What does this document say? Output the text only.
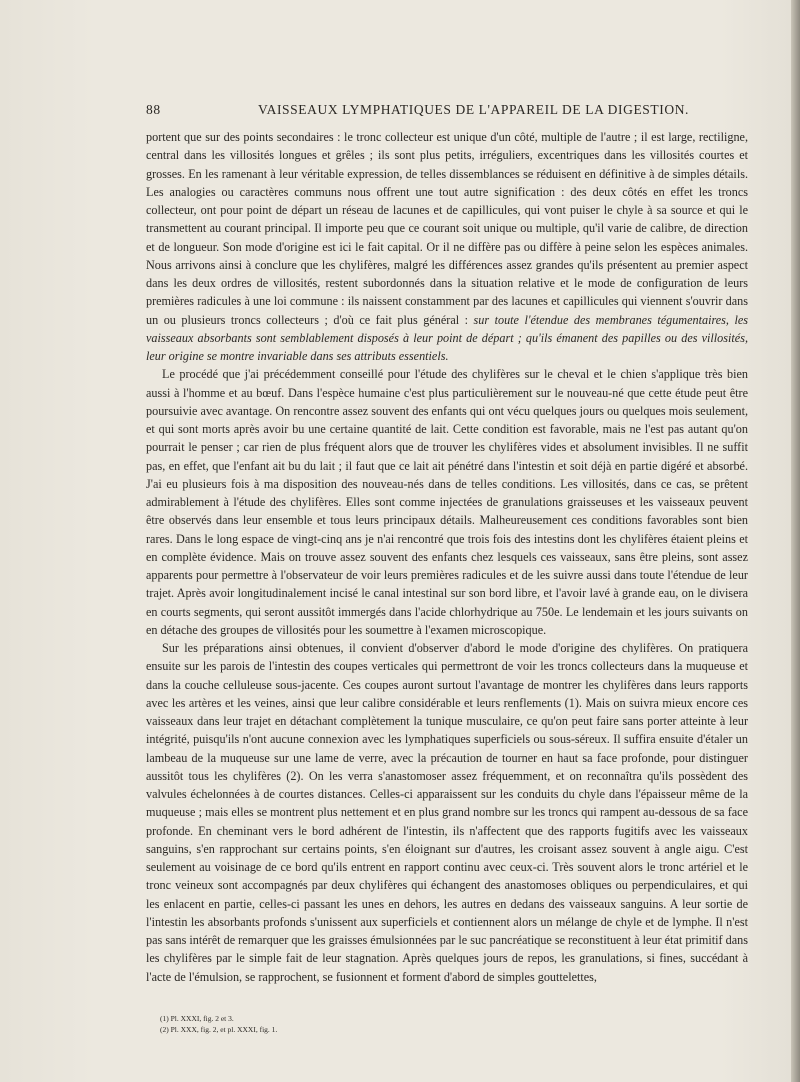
88	VAISSEAUX LYMPHATIQUES DE L'APPAREIL DE LA DIGESTION.

portent que sur des points secondaires : le tronc collecteur est unique d'un côté, multiple de l'autre ; il est large, rectiligne, central dans les villosités longues et grêles ; ils sont plus petits, irréguliers, excentriques dans les villosités courtes et grosses. En les ramenant à leur véritable expression, de telles dissemblances se réduisent en définitive à de simples détails. Les analogies ou caractères communs nous offrent une tout autre signification : des deux côtés en effet les troncs collecteur, ont pour point de départ un réseau de lacunes et de capillicules, qui vont puiser le chyle à sa source et qui le transmettent au courant principal. Il importe peu que ce courant soit unique ou multiple, qu'il varie de calibre, de direction et de longueur. Son mode d'origine est ici le fait capital. Or il ne diffère pas ou diffère à peine selon les espèces animales. Nous arrivons ainsi à conclure que les chylifères, malgré les différences assez grandes qu'ils présentent au premier aspect dans les deux ordres de villosités, restent subordonnés dans la situation relative et le mode de configuration de leurs premières radicules à une loi commune : ils naissent constamment par des lacunes et capillicules qui viennent s'ouvrir dans un ou plusieurs troncs collecteurs ; d'où ce fait plus général : sur toute l'étendue des membranes tégumentaires, les vaisseaux absorbants sont semblablement disposés à leur point de départ ; qu'ils émanent des papilles ou des villosités, leur origine se montre invariable dans ses attributs essentiels.

Le procédé que j'ai précédemment conseillé pour l'étude des chylifères sur le cheval et le chien s'applique très bien aussi à l'homme et au bœuf. Dans l'espèce humaine c'est plus particulièrement sur le nouveau-né que cette étude peut être poursuivie avec avantage. On rencontre assez souvent des enfants qui ont vécu quelques jours ou quelques mois seulement, et qui sont morts après avoir bu une certaine quantité de lait. Cette condition est favorable, mais ne l'est pas autant qu'on pourrait le penser ; car rien de plus fréquent alors que de trouver les chylifères vides et absolument invisibles. Il ne suffit pas, en effet, que l'enfant ait bu du lait ; il faut que ce lait ait pénétré dans l'intestin et soit déjà en partie digéré et absorbé. J'ai eu plusieurs fois à ma disposition des nouveau-nés dans de telles conditions. Les villosités, dans ce cas, se prêtent admirablement à l'étude des chylifères. Elles sont comme injectées de granulations graisseuses et les vaisseaux peuvent être observés dans leur ensemble et tous leurs principaux détails. Malheureusement ces conditions favorables sont bien rares. Dans le long espace de vingt-cinq ans je n'ai rencontré que trois fois des intestins dont les chylifères étaient pleins et en complète évidence. Mais on trouve assez souvent des enfants chez lesquels ces vaisseaux, sans être pleins, sont assez apparents pour permettre à l'observateur de voir leurs premières radicules et de les suivre aussi dans toute l'étendue de leur trajet. Après avoir longitudinalement incisé le canal intestinal sur son bord libre, et l'avoir lavé à grande eau, on le divisera en courts segments, qui seront aussitôt immergés dans l'acide chlorhydrique au 750e. Le lendemain et les jours suivants on en détache des groupes de villosités pour les soumettre à l'examen microscopique.

Sur les préparations ainsi obtenues, il convient d'observer d'abord le mode d'origine des chylifères. On pratiquera ensuite sur les parois de l'intestin des coupes verticales qui permettront de voir les troncs collecteurs dans la muqueuse et dans la couche celluleuse sous-jacente. Ces coupes auront surtout l'avantage de montrer les chylifères dans leurs rapports avec les artères et les veines, ainsi que leur calibre considérable et leurs renflements (1). Mais on suivra mieux encore ces vaisseaux dans leur trajet en détachant complètement la tunique musculaire, ce qu'on peut faire sans porter atteinte à leur intégrité, puisqu'ils n'ont aucune connexion avec les lymphatiques superficiels ou sous-séreux. Il suffira ensuite d'étaler un lambeau de la muqueuse sur une lame de verre, avec la précaution de tourner en haut sa face profonde, pour distinguer aussitôt tous les chylifères (2). On les verra s'anastomoser assez fréquemment, et on reconnaîtra qu'ils possèdent des valvules échelonnées à de courtes distances. Celles-ci apparaissent sur les conduits du chyle dans l'épaisseur même de la muqueuse ; mais elles se montrent plus nettement et en plus grand nombre sur les troncs qui rampent au-dessous de sa face profonde. En cheminant vers le bord adhérent de l'intestin, ils n'affectent que des rapports fugitifs avec les vaisseaux sanguins, s'en rapprochant sur certains points, s'en éloignant sur d'autres, les croisant assez souvent à angle aigu. C'est seulement au voisinage de ce bord qu'ils entrent en rapport continu avec ceux-ci. Très souvent alors le tronc artériel et le tronc veineux sont accompagnés par deux chylifères qui échangent des anastomoses obliques ou perpendiculaires, et qui les enlacent en partie, celles-ci passant les unes en dehors, les autres en dedans des vaisseaux sanguins. A leur sortie de l'intestin les absorbants profonds s'unissent aux superficiels et contiennent alors un mélange de chyle et de lymphe. Il n'est pas sans intérêt de remarquer que les graisses émulsionnées par le suc pancréatique se reconstituent à leur état primitif dans les chylifères par le simple fait de leur stagnation. Après quelques jours de repos, les granulations, si fines, succédant à l'acte de l'émulsion, se rapprochent, se fusionnent et forment d'abord de simples gouttelettes,

(1) Pl. XXXI, fig. 2 et 3.
(2) Pl. XXX, fig. 2, et pl. XXXI, fig. 1.
